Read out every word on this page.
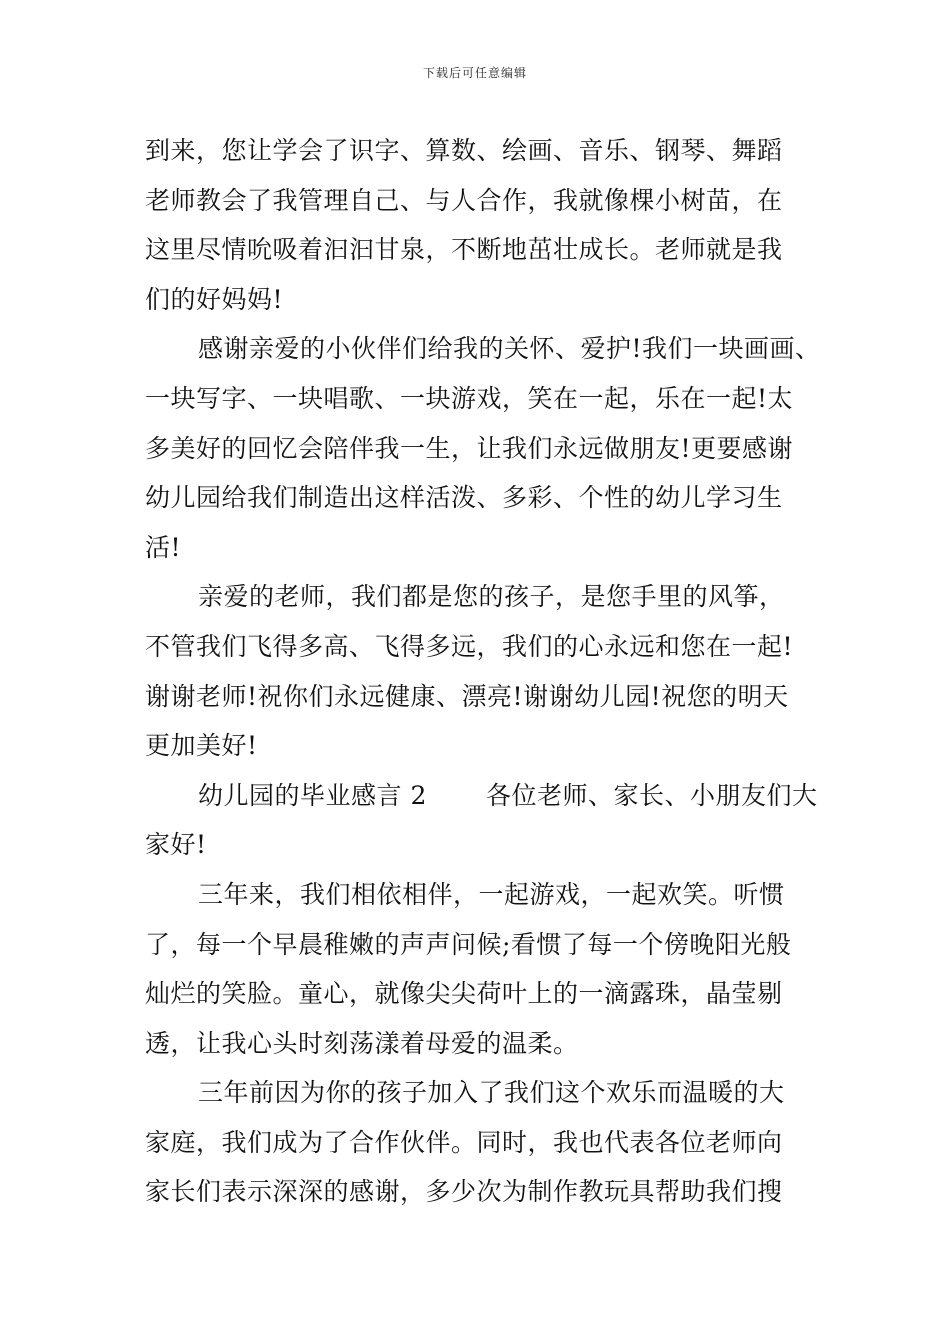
下载后可任意编辑
到来，您让学会了识字、算数、绘画、音乐、钢琴、舞蹈
老师教会了我管理自己、与人合作，我就像棵小树苗，在
这里尽情吮吸着汩汩甘泉，不断地茁壮成长。老师就是我
们的好妈妈!
感谢亲爱的小伙伴们给我的关怀、爱护!我们一块画画、
一块写字、一块唱歌、一块游戏，笑在一起，乐在一起!太
多美好的回忆会陪伴我一生，让我们永远做朋友!更要感谢
幼儿园给我们制造出这样活泼、多彩、个性的幼儿学习生
活!
亲爱的老师，我们都是您的孩子，是您手里的风筝，
不管我们飞得多高、飞得多远，我们的心永远和您在一起!
谢谢老师!祝你们永远健康、漂亮!谢谢幼儿园!祝您的明天
更加美好!
幼儿园的毕业感言 2       各位老师、家长、小朋友们大
家好!
三年来，我们相依相伴，一起游戏，一起欢笑。听惯
了，每一个早晨稚嫩的声声问候;看惯了每一个傍晚阳光般
灿烂的笑脸。童心，就像尖尖荷叶上的一滴露珠，晶莹剔
透，让我心头时刻荡漾着母爱的温柔。
三年前因为你的孩子加入了我们这个欢乐而温暖的大
家庭，我们成为了合作伙伴。同时，我也代表各位老师向
家长们表示深深的感谢，多少次为制作教玩具帮助我们搜
